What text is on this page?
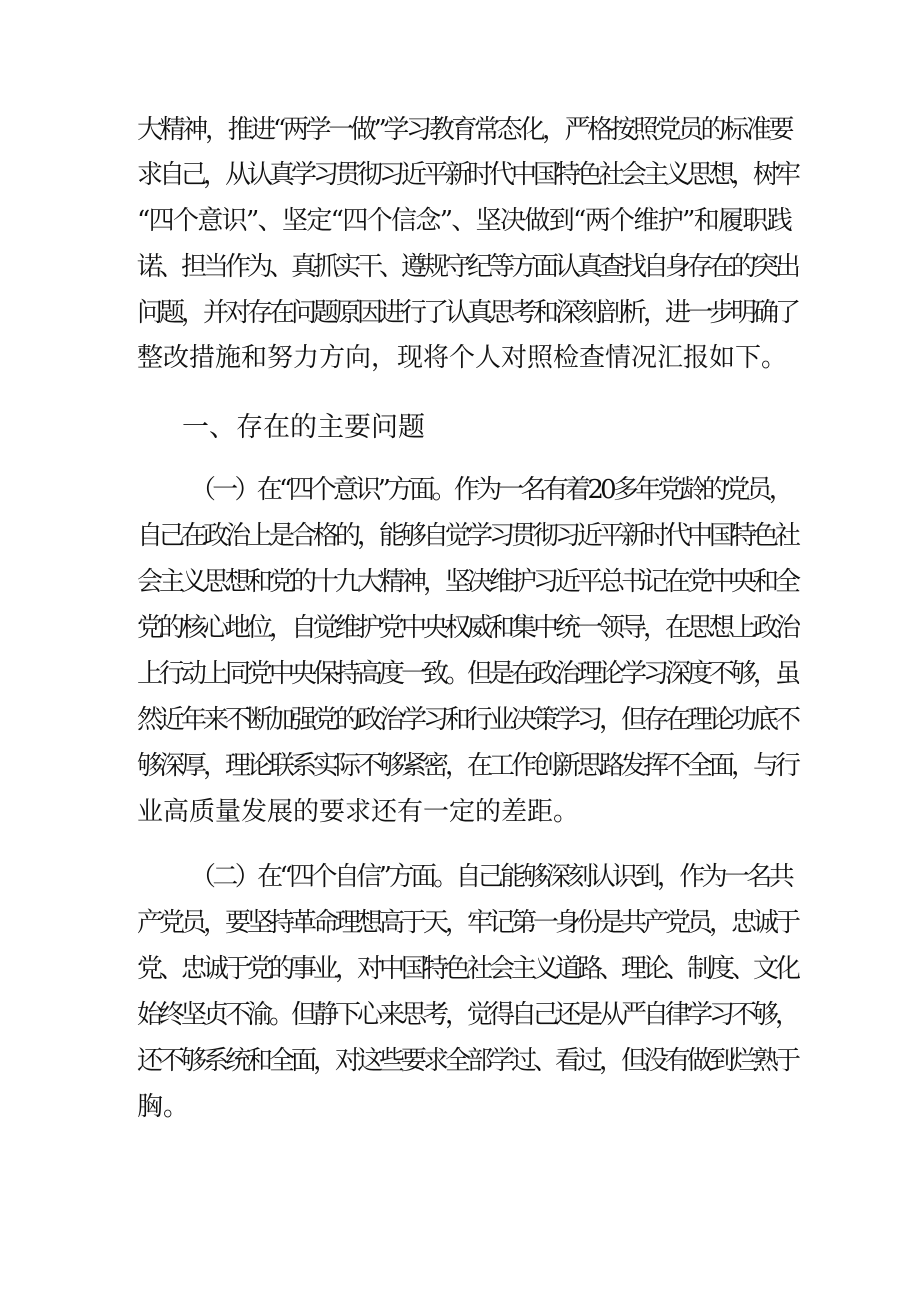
大精神，推进“两学一做”学习教育常态化，严格按照党员的标准要
求自己，从认真学习贯彻习近平新时代中国特色社会主义思想，树牢
“四个意识”、坚定“四个信念”、坚决做到“两个维护”和履职践
诺、担当作为、真抓实干、遵规守纪等方面认真查找自身存在的突出
问题，并对存在问题原因进行了认真思考和深刻剖析，进一步明确了
整改措施和努力方向，现将个人对照检查情况汇报如下。
一、存在的主要问题
（一）在“四个意识”方面。作为一名有着20多年党龄的党员，
自己在政治上是合格的，能够自觉学习贯彻习近平新时代中国特色社
会主义思想和党的十九大精神，坚决维护习近平总书记在党中央和全
党的核心地位，自觉维护党中央权威和集中统一领导，在思想上政治
上行动上同党中央保持高度一致。但是在政治理论学习深度不够，虽
然近年来不断加强党的政治学习和行业决策学习，但存在理论功底不
够深厚，理论联系实际不够紧密，在工作创新思路发挥不全面，与行
业高质量发展的要求还有一定的差距。
（二）在“四个自信”方面。自己能够深刻认识到，作为一名共
产党员，要坚持革命理想高于天，牢记第一身份是共产党员，忠诚于
党、忠诚于党的事业，对中国特色社会主义道路、理论、制度、文化
始终坚贞不渝。但静下心来思考，觉得自己还是从严自律学习不够，
还不够系统和全面，对这些要求全部学过、看过，但没有做到烂熟于
胸。
